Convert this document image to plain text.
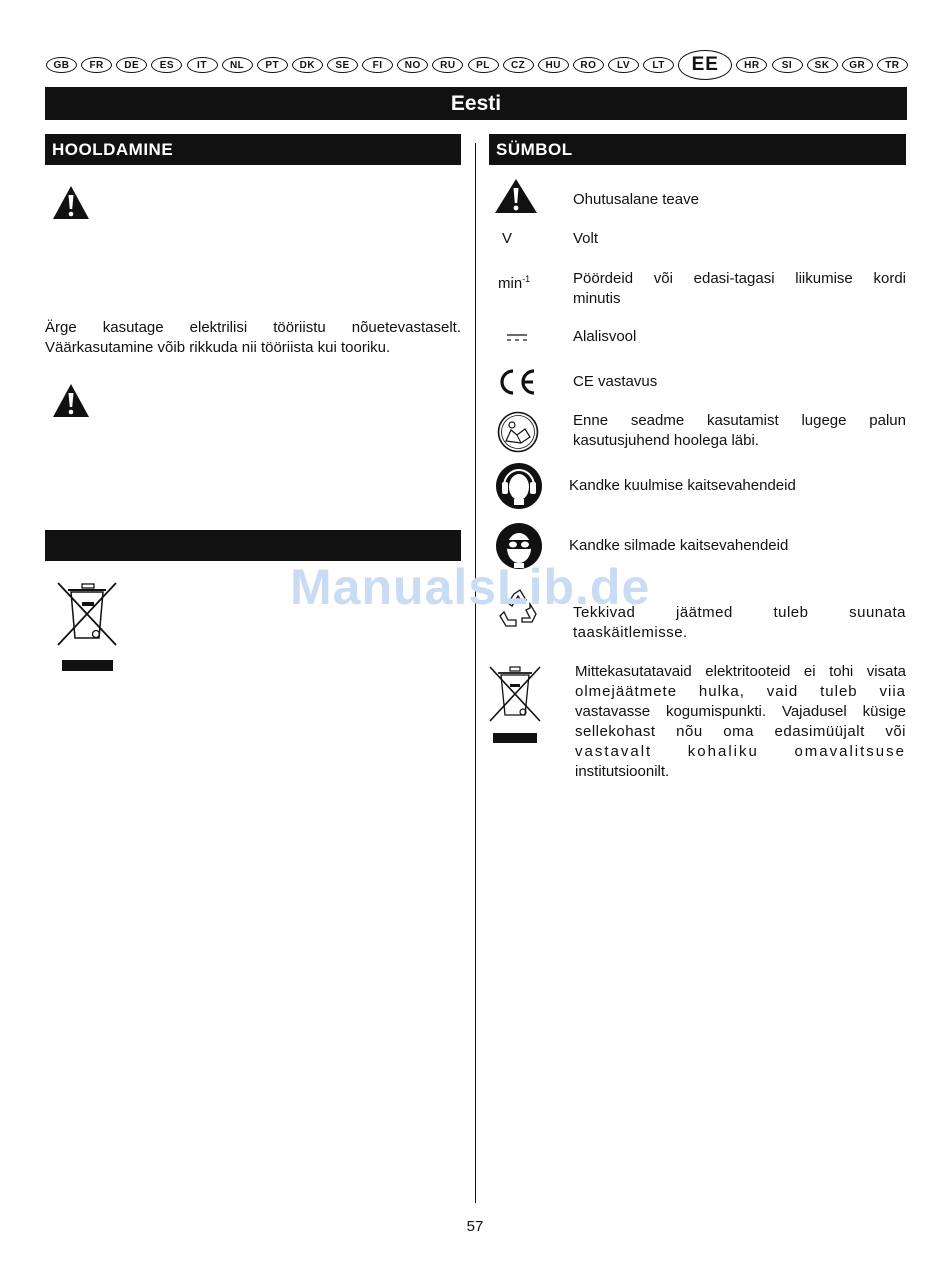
GB	FR	DE	ES	IT	NL	PT	DK	SE	FI	NO	RU	PL	CZ	HU	RO	LV	LT	EE	HR	SI	SK	GR	TR
Eesti
HOOLDAMINE
Ärge kasutage elektrilisi tööriistu nõuetevastaselt.
Väärkasutamine võib rikkuda nii tööriista kui tooriku.
SÜMBOL
Ohutusalane teave
V	Volt
$\min^{-1}$	Pöördeid või edasi-tagasi liikumise kordi
minutis
Alalisvool
CE vastavus
Enne seadme kasutamist lugege palun
kasutusjuhend hoolega läbi.
Kandke kuulmise kaitsevahendeid
Kandke silmade kaitsevahendeid
Tekkivad jäätmed tuleb suunata
taaskäitlemisse.
Mittekasutatavaid elektritooteid ei tohi visata
olmejäätmete hulka, vaid tuleb viia
vastavasse kogumispunkti. Vajadusel küsige
sellekohast nõu oma edasimüüjalt või
vastavalt kohaliku omavalitsuse
institutsioonilt.
ManualsLib.de
57
